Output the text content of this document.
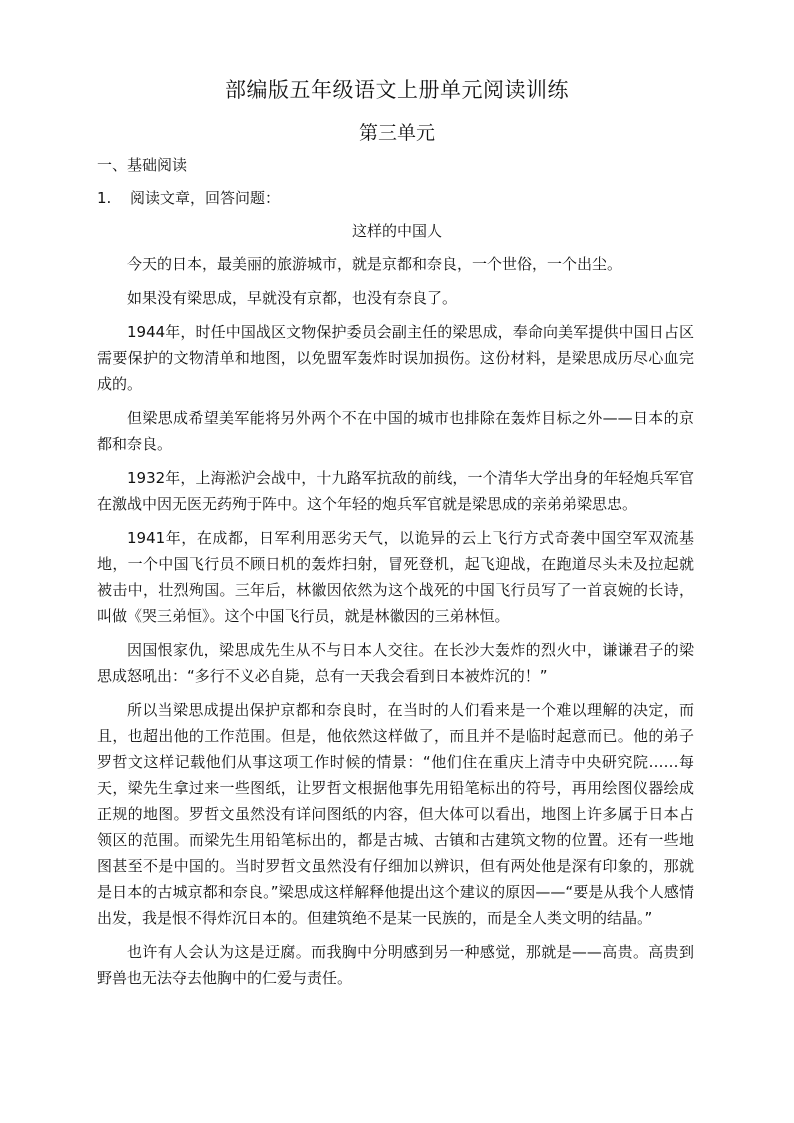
部编版五年级语文上册单元阅读训练
第三单元
一、基础阅读
1.	阅读文章，回答问题：
这样的中国人

今天的日本，最美丽的旅游城市，就是京都和奈良，一个世俗，一个出尘。

如果没有梁思成，早就没有京都，也没有奈良了。

1944年，时任中国战区文物保护委员会副主任的梁思成，奉命向美军提供中国日占区需要保护的文物清单和地图，以免盟军轰炸时误加损伤。这份材料，是梁思成历尽心血完成的。

但梁思成希望美军能将另外两个不在中国的城市也排除在轰炸目标之外——日本的京都和奈良。

1932年，上海淞沪会战中，十九路军抗敌的前线，一个清华大学出身的年轻炮兵军官在激战中因无医无药殉于阵中。这个年轻的炮兵军官就是梁思成的亲弟弟梁思忠。

1941年，在成都，日军利用恶劣天气，以诡异的云上飞行方式奇袭中国空军双流基地，一个中国飞行员不顾日机的轰炸扫射，冒死登机，起飞迎战，在跑道尽头未及拉起就被击中，壮烈殉国。三年后，林徽因依然为这个战死的中国飞行员写了一首哀婉的长诗，叫做《哭三弟恒》。这个中国飞行员，就是林徽因的三弟林恒。

因国恨家仇，梁思成先生从不与日本人交往。在长沙大轰炸的烈火中，谦谦君子的梁思成怒吼出：“多行不义必自毙，总有一天我会看到日本被炸沉的！”

所以当梁思成提出保护京都和奈良时，在当时的人们看来是一个难以理解的决定，而且，也超出他的工作范围。但是，他依然这样做了，而且并不是临时起意而已。他的弟子罗哲文这样记载他们从事这项工作时候的情景：“他们住在重庆上清寺中央研究院……每天，梁先生拿过来一些图纸，让罗哲文根据他事先用铅笔标出的符号，再用绘图仪器绘成正规的地图。罗哲文虽然没有详问图纸的内容，但大体可以看出，地图上许多属于日本占领区的范围。而梁先生用铅笔标出的，都是古城、古镇和古建筑文物的位置。还有一些地图甚至不是中国的。当时罗哲文虽然没有仔细加以辨识，但有两处他是深有印象的，那就是日本的古城京都和奈良。”梁思成这样解释他提出这个建议的原因——“要是从我个人感情出发，我是恨不得炸沉日本的。但建筑绝不是某一民族的，而是全人类文明的结晶。”

也许有人会认为这是迂腐。而我胸中分明感到另一种感觉，那就是——高贵。高贵到野兽也无法夺去他胸中的仁爱与责任。
